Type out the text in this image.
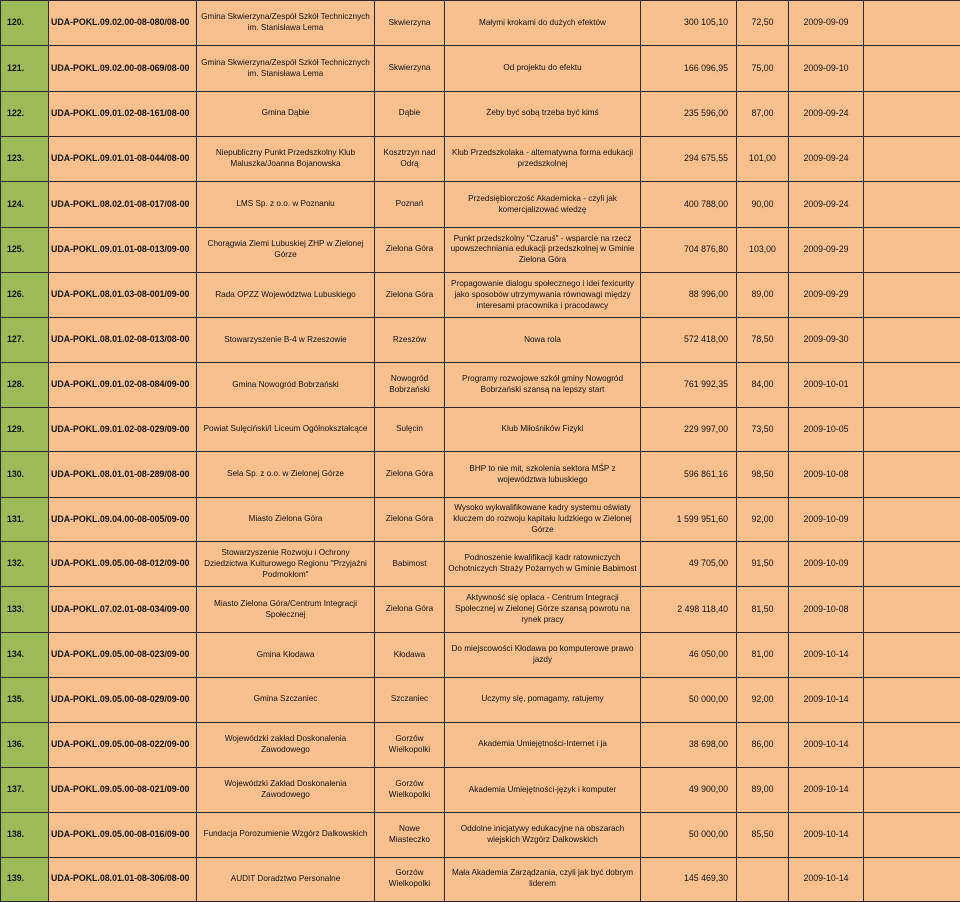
120.	UDA-POKL.09.02.00-08-080/08-00	Gmina Skwierzyna/Zespół Szkół Technicznych im. Stanisława Lema	Skwierzyna	Małymi krokami do dużych efektów	300 105,10	72,50	2009-09-09	
121.	UDA-POKL.09.02.00-08-069/08-00	Gmina Skwierzyna/Zespół Szkół Technicznych im. Stanisława Lema	Skwierzyna	Od projektu do efektu	166 096,95	75,00	2009-09-10	
122.	UDA-POKL.09.01.02-08-161/08-00	Gmina Dąbie	Dąbie	Żeby być sobą trzeba być kimś	235 596,00	87,00	2009-09-24	
123.	UDA-POKL.09.01.01-08-044/08-00	Niepubliczny Punkt Przedszkolny Klub Maluszka/Joanna Bojanowska	Kosztrzyn nad Odrą	Klub Przedszkolaka - alternatywna forma edukacji przedszkolnej	294 675,55	101,00	2009-09-24	
124.	UDA-POKL.08.02.01-08-017/08-00	LMS Sp. z o.o. w Poznaniu	Poznań	Przedsiębiorczość Akademicka - czyli jak komercjalizować wiedzę	400 788,00	90,00	2009-09-24	
125.	UDA-POKL.09.01.01-08-013/09-00	Chorągwia Ziemi Lubuskiej ZHP w Zielonej Górze	Zielona Góra	Punkt przedszkolny "Czaruś" - wsparcie na rzecz upowszechniania edukacji przedszkolnej w Gminie Zielona Góra	704 876,80	103,00	2009-09-29	
126.	UDA-POKL.08.01.03-08-001/09-00	Rada OPZZ Województwa Lubuskiego	Zielona Góra	Propagowanie dialogu społecznego i idei fexicurity jako sposobów utrzymywania równowagi między interesami pracownika i pracodawcy	88 996,00	89,00	2009-09-29	
127.	UDA-POKL.08.01.02-08-013/08-00	Stowarzyszenie B-4 w Rzeszowie	Rzeszów	Nowa rola	572 418,00	78,50	2009-09-30	
128.	UDA-POKL.09.01.02-08-084/09-00	Gmina Nowogród Bobrzański	Nowogród Bobrzański	Programy rozwojowe szkół gminy Nowogród Bobrzański szansą na lepszy start	761 992,35	84,00	2009-10-01	
129.	UDA-POKL.09.01.02-08-029/09-00	Powiat Sulęciński/I Liceum Ogólnokształcące	Sulęcin	Klub Miłośników Fizyki	229 997,00	73,50	2009-10-05	
130.	UDA-POKL.08.01.01-08-289/08-00	Sela Sp. z o.o. w Zielonej Górze	Zielona Góra	BHP to nie mit, szkolenia sektora MŚP z województwa lubuskiego	596 861,16	98,50	2009-10-08	
131.	UDA-POKL.09.04.00-08-005/09-00	Miasto Zielona Góra	Zielona Góra	Wysoko wykwalifikowane kadry systemu oświaty kluczem do rozwoju kapitału ludzkiego w Zielonej Górze	1 599 951,60	92,00	2009-10-09	
132.	UDA-POKL.09.05.00-08-012/09-00	Stowarzyszenie Rozwoju i Ochrony Dziedzictwa Kulturowego Regionu "Przyjaźni Podmokłom"	Babimost	Podnoszenie kwalifikacji kadr ratowniczych Ochotniczych Straży Pożarnych w Gminie Babimost	49 705,00	91,50	2009-10-09	
133.	UDA-POKL.07.02.01-08-034/09-00	Miasto Zielona Góra/Centrum Integracji Społecznej	Zielona Góra	Aktywność się opłaca - Centrum Integracji Społecznej w Zielonej Górze szansą powrotu na rynek pracy	2 498 118,40	81,50	2009-10-08	
134.	UDA-POKL.09.05.00-08-023/09-00	Gmina Kłodawa	Kłodawa	Do miejscowości Kłodawa po komputerowe prawo jazdy	46 050,00	81,00	2009-10-14	
135.	UDA-POKL.09.05.00-08-029/09-00	Gmina Szczaniec	Szczaniec	Uczymy się, pomagamy, ratujemy	50 000,00	92,00	2009-10-14	
136.	UDA-POKL.09.05.00-08-022/09-00	Wojewódzki zakład Doskonalenia Zawodowego	Gorzów Wielkopolki	Akademia Umiejętności-Internet i ja	38 698,00	86,00	2009-10-14	
137.	UDA-POKL.09.05.00-08-021/09-00	Wojewódzki Zakład Doskonalenia Zawodowego	Gorzów Wielkopolki	Akademia Umiejętności-język i komputer	49 900,00	89,00	2009-10-14	
138.	UDA-POKL.09.05.00-08-016/09-00	Fundacja Porozumienie Wzgórz Dalkowskich	Nowe Miasteczko	Oddolne inicjatywy edukacyjne na obszarach wiejskich Wzgórz Dalkowskich	50 000,00	85,50	2009-10-14	
139.	UDA-POKL.08.01.01-08-306/08-00	AUDIT Doradztwo Personalne	Gorzów Wielkopolki	Mała Akademia Zarządzania, czyli jak być dobrym liderem	145 469,30		2009-10-14	
